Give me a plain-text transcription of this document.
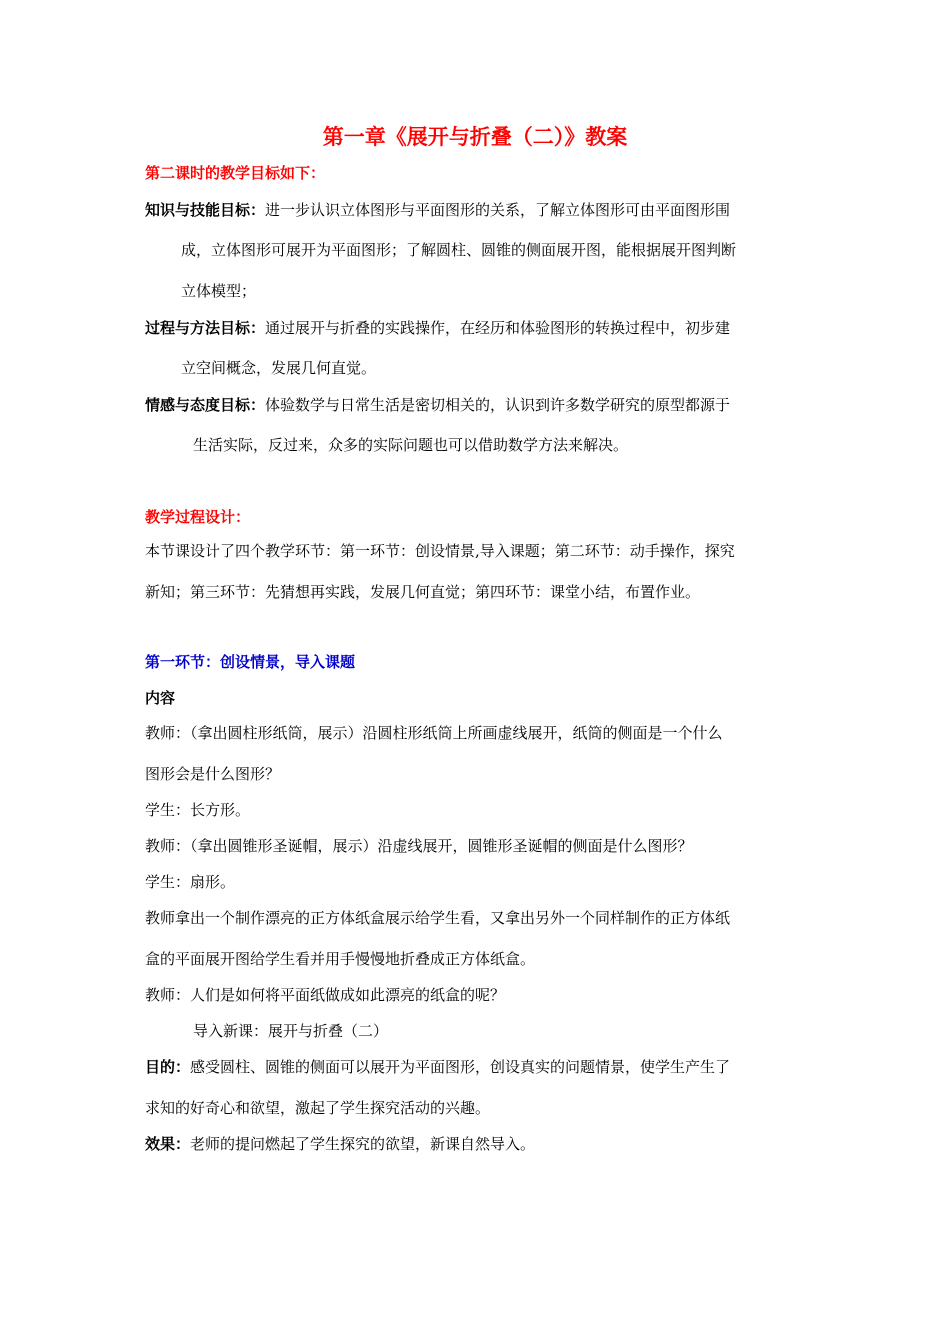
第一章《展开与折叠（二）》教案
第二课时的教学目标如下：
知识与技能目标：进一步认识立体图形与平面图形的关系，了解立体图形可由平面图形围
成，立体图形可展开为平面图形；了解圆柱、圆锥的侧面展开图，能根据展开图判断
立体模型；
过程与方法目标：通过展开与折叠的实践操作，在经历和体验图形的转换过程中，初步建
立空间概念，发展几何直觉。
情感与态度目标：体验数学与日常生活是密切相关的，认识到许多数学研究的原型都源于
生活实际，反过来，众多的实际问题也可以借助数学方法来解决。
教学过程设计：
本节课设计了四个教学环节：第一环节：创设情景,导入课题；第二环节：动手操作，探究
新知；第三环节：先猜想再实践，发展几何直觉；第四环节：课堂小结，布置作业。
第一环节：创设情景，导入课题
内容
教师：（拿出圆柱形纸筒，展示）沿圆柱形纸筒上所画虚线展开，纸筒的侧面是一个什么
图形会是什么图形？
学生：长方形。
教师：（拿出圆锥形圣诞帽，展示）沿虚线展开，圆锥形圣诞帽的侧面是什么图形？
学生：扇形。
教师拿出一个制作漂亮的正方体纸盒展示给学生看，又拿出另外一个同样制作的正方体纸
盒的平面展开图给学生看并用手慢慢地折叠成正方体纸盒。
教师：人们是如何将平面纸做成如此漂亮的纸盒的呢？
导入新课：展开与折叠（二）
目的：感受圆柱、圆锥的侧面可以展开为平面图形，创设真实的问题情景，使学生产生了
求知的好奇心和欲望，激起了学生探究活动的兴趣。
效果：老师的提问燃起了学生探究的欲望，新课自然导入。
